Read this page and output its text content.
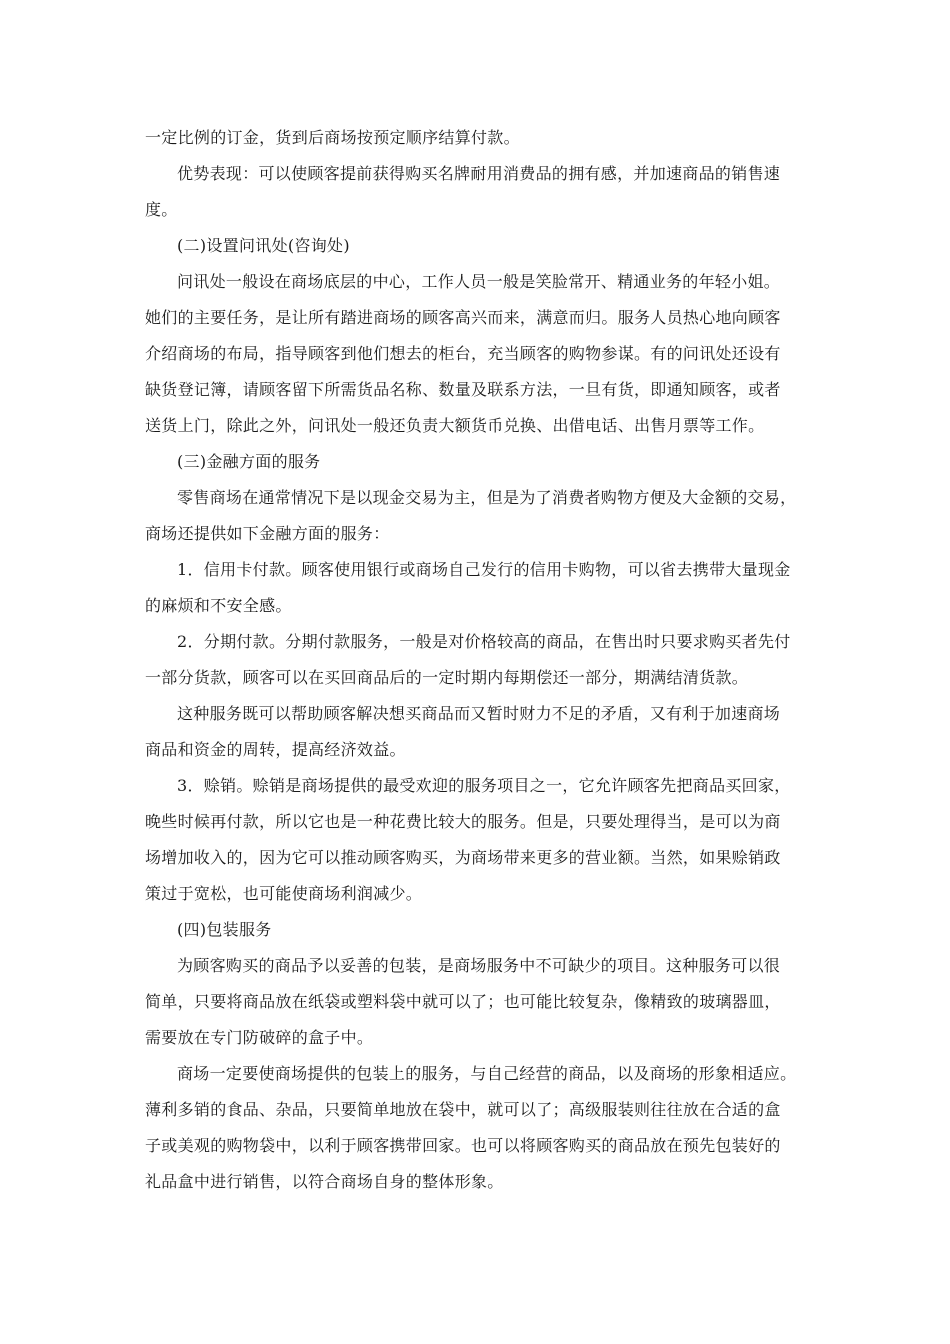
一定比例的订金，货到后商场按预定顺序结算付款。
优势表现：可以使顾客提前获得购买名牌耐用消费品的拥有感，并加速商品的销售速
度。
(二)设置问讯处(咨询处)
问讯处一般设在商场底层的中心，工作人员一般是笑脸常开、精通业务的年轻小姐。
她们的主要任务，是让所有踏进商场的顾客高兴而来，满意而归。服务人员热心地向顾客
介绍商场的布局，指导顾客到他们想去的柜台，充当顾客的购物参谋。有的问讯处还设有
缺货登记簿，请顾客留下所需货品名称、数量及联系方法，一旦有货，即通知顾客，或者
送货上门，除此之外，问讯处一般还负责大额货币兑换、出借电话、出售月票等工作。
(三)金融方面的服务
零售商场在通常情况下是以现金交易为主，但是为了消费者购物方便及大金额的交易，
商场还提供如下金融方面的服务：
1．信用卡付款。顾客使用银行或商场自己发行的信用卡购物，可以省去携带大量现金
的麻烦和不安全感。
2．分期付款。分期付款服务，一般是对价格较高的商品，在售出时只要求购买者先付
一部分货款，顾客可以在买回商品后的一定时期内每期偿还一部分，期满结清货款。
这种服务既可以帮助顾客解决想买商品而又暂时财力不足的矛盾，又有利于加速商场
商品和资金的周转，提高经济效益。
3．赊销。赊销是商场提供的最受欢迎的服务项目之一，它允许顾客先把商品买回家，
晚些时候再付款，所以它也是一种花费比较大的服务。但是，只要处理得当，是可以为商
场增加收入的，因为它可以推动顾客购买，为商场带来更多的营业额。当然，如果赊销政
策过于宽松，也可能使商场利润减少。
(四)包装服务
为顾客购买的商品予以妥善的包装，是商场服务中不可缺少的项目。这种服务可以很
简单，只要将商品放在纸袋或塑料袋中就可以了；也可能比较复杂，像精致的玻璃器皿，
需要放在专门防破碎的盒子中。
商场一定要使商场提供的包装上的服务，与自己经营的商品，以及商场的形象相适应。
薄利多销的食品、杂品，只要简单地放在袋中，就可以了；高级服装则往往放在合适的盒
子或美观的购物袋中，以利于顾客携带回家。也可以将顾客购买的商品放在预先包装好的
礼品盒中进行销售，以符合商场自身的整体形象。
